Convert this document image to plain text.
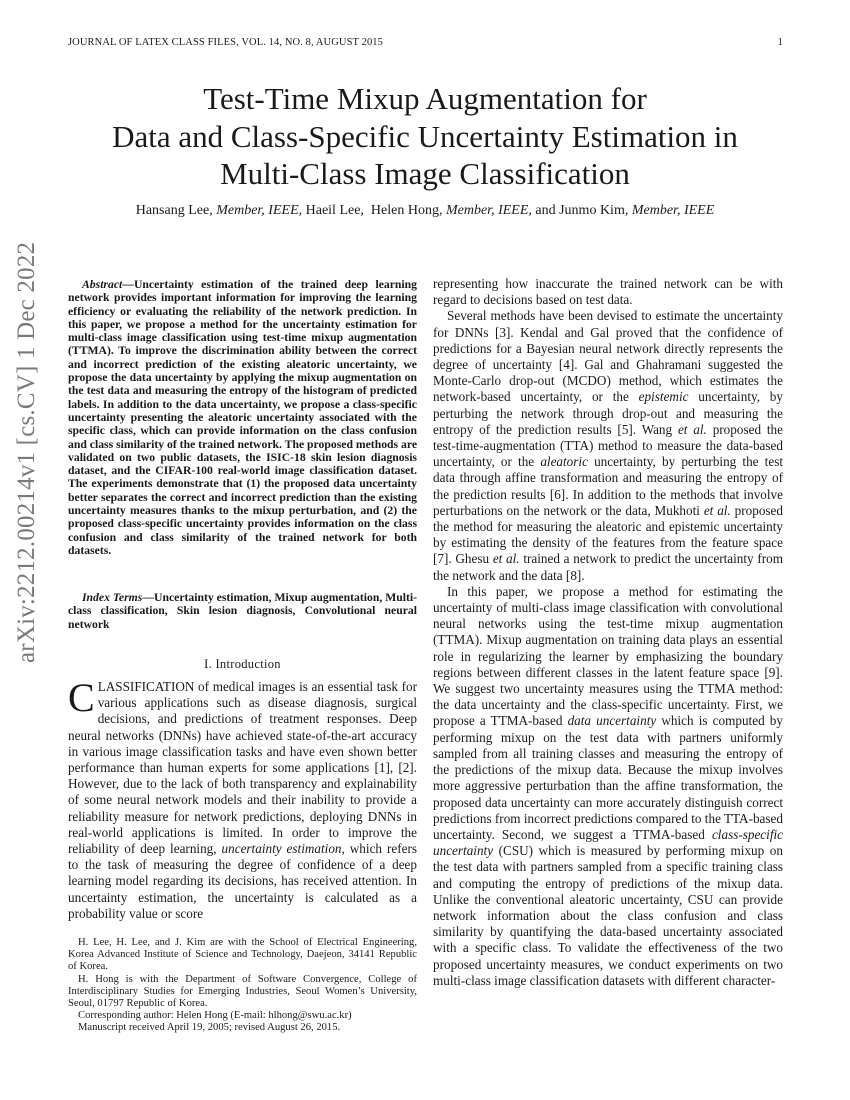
JOURNAL OF LATEX CLASS FILES, VOL. 14, NO. 8, AUGUST 2015	1
Test-Time Mixup Augmentation for
Data and Class-Specific Uncertainty Estimation in
Multi-Class Image Classification
Hansang Lee, Member, IEEE, Haeil Lee, Helen Hong, Member, IEEE, and Junmo Kim, Member, IEEE
arXiv:2212.00214v1 [cs.CV] 1 Dec 2022	Abstract—Uncertainty estimation of the trained deep learning network provides important information for improving the learning efficiency or evaluating the reliability of the network prediction. In this paper, we propose a method for the uncertainty estimation for multi-class image classification using test-time mixup augmentation (TTMA). To improve the discrimination ability between the correct and incorrect prediction of the existing aleatoric uncertainty, we propose the data uncertainty by applying the mixup augmentation on the test data and measuring the entropy of the histogram of predicted labels. In addition to the data uncertainty, we propose a class-specific uncertainty presenting the aleatoric uncertainty associated with the specific class, which can provide information on the class confusion and class similarity of the trained network. The proposed methods are validated on two public datasets, the ISIC-18 skin lesion diagnosis dataset, and the CIFAR-100 real-world image classification dataset. The experiments demonstrate that (1) the proposed data uncertainty better separates the correct and incorrect prediction than the existing uncertainty measures thanks to the mixup perturbation, and (2) the proposed class-specific uncertainty provides information on the class confusion and class similarity of the trained network for both datasets.
Index Terms—Uncertainty estimation, Mixup augmentation, Multi-class classification, Skin lesion diagnosis, Convolutional neural network
I. Introduction

CLASSIFICATION of medical images is an essential task for various applications such as disease diagnosis, surgical decisions, and predictions of treatment responses. Deep neural networks (DNNs) have achieved state-of-the-art accuracy in various image classification tasks and have even shown better performance than human experts for some applications [1], [2]. However, due to the lack of both transparency and explainability of some neural network models and their inability to provide a reliability measure for network predictions, deploying DNNs in real-world applications is limited. In order to improve the reliability of deep learning, uncertainty estimation, which refers to the task of measuring the degree of confidence of a deep learning model regarding its decisions, has received attention. In uncertainty estimation, the uncertainty is calculated as a probability value or score

H. Lee, H. Lee, and J. Kim are with the School of Electrical Engineering, Korea Advanced Institute of Science and Technology, Daejeon, 34141 Republic of Korea.

H. Hong is with the Department of Software Convergence, College of Interdisciplinary Studies for Emerging Industries, Seoul Women’s University, Seoul, 01797 Republic of Korea.

Corresponding author: Helen Hong (E-mail: hlhong@swu.ac.kr)

Manuscript received April 19, 2005; revised August 26, 2015.

representing how inaccurate the trained network can be with regard to decisions based on test data.

Several methods have been devised to estimate the uncertainty for DNNs [3]. Kendal and Gal proved that the confidence of predictions for a Bayesian neural network directly represents the degree of uncertainty [4]. Gal and Ghahramani suggested the Monte-Carlo drop-out (MCDO) method, which estimates the network-based uncertainty, or the epistemic uncertainty, by perturbing the network through drop-out and measuring the entropy of the prediction results [5]. Wang et al. proposed the test-time-augmentation (TTA) method to measure the data-based uncertainty, or the aleatoric uncertainty, by perturbing the test data through affine transformation and measuring the entropy of the prediction results [6]. In addition to the methods that involve perturbations on the network or the data, Mukhoti et al. proposed the method for measuring the aleatoric and epistemic uncertainty by estimating the density of the features from the feature space [7]. Ghesu et al. trained a network to predict the uncertainty from the network and the data [8].

In this paper, we propose a method for estimating the uncertainty of multi-class image classification with convolutional neural networks using the test-time mixup augmentation (TTMA). Mixup augmentation on training data plays an essential role in regularizing the learner by emphasizing the boundary regions between different classes in the latent feature space [9]. We suggest two uncertainty measures using the TTMA method: the data uncertainty and the class-specific uncertainty. First, we propose a TTMA-based data uncertainty which is computed by performing mixup on the test data with partners uniformly sampled from all training classes and measuring the entropy of the predictions of the mixup data. Because the mixup involves more aggressive perturbation than the affine transformation, the proposed data uncertainty can more accurately distinguish correct predictions from incorrect predictions compared to the TTA-based uncertainty. Second, we suggest a TTMA-based class-specific uncertainty (CSU) which is measured by performing mixup on the test data with partners sampled from a specific training class and computing the entropy of predictions of the mixup data. Unlike the conventional aleatoric uncertainty, CSU can provide network information about the class confusion and class similarity by quantifying the data-based uncertainty associated with a specific class. To validate the effectiveness of the two proposed uncertainty measures, we conduct experiments on two multi-class image classification datasets with different character-
